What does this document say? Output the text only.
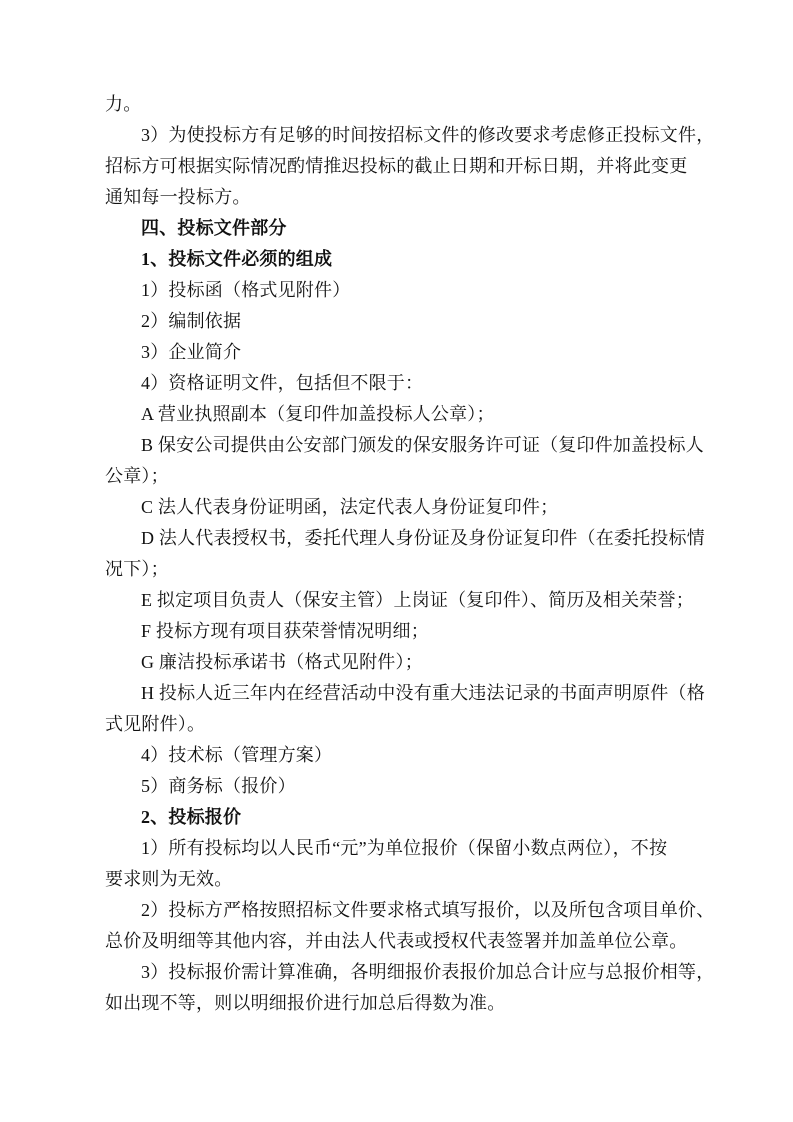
力。
3）为使投标方有足够的时间按招标文件的修改要求考虑修正投标文件，
招标方可根据实际情况酌情推迟投标的截止日期和开标日期，并将此变更
通知每一投标方。
四、投标文件部分
1、投标文件必须的组成
1）投标函（格式见附件）
2）编制依据
3）企业简介
4）资格证明文件，包括但不限于：
A 营业执照副本（复印件加盖投标人公章）；
B 保安公司提供由公安部门颁发的保安服务许可证（复印件加盖投标人
公章）；
C 法人代表身份证明函，法定代表人身份证复印件；
D 法人代表授权书，委托代理人身份证及身份证复印件（在委托投标情
况下）；
E 拟定项目负责人（保安主管）上岗证（复印件）、简历及相关荣誉；
F 投标方现有项目获荣誉情况明细；
G 廉洁投标承诺书（格式见附件）；
H 投标人近三年内在经营活动中没有重大违法记录的书面声明原件（格
式见附件）。
4）技术标（管理方案）
5）商务标（报价）
2、投标报价
1）所有投标均以人民币“元”为单位报价（保留小数点两位），不按
要求则为无效。
2）投标方严格按照招标文件要求格式填写报价，以及所包含项目单价、
总价及明细等其他内容，并由法人代表或授权代表签署并加盖单位公章。
3）投标报价需计算准确，各明细报价表报价加总合计应与总报价相等，
如出现不等，则以明细报价进行加总后得数为准。
